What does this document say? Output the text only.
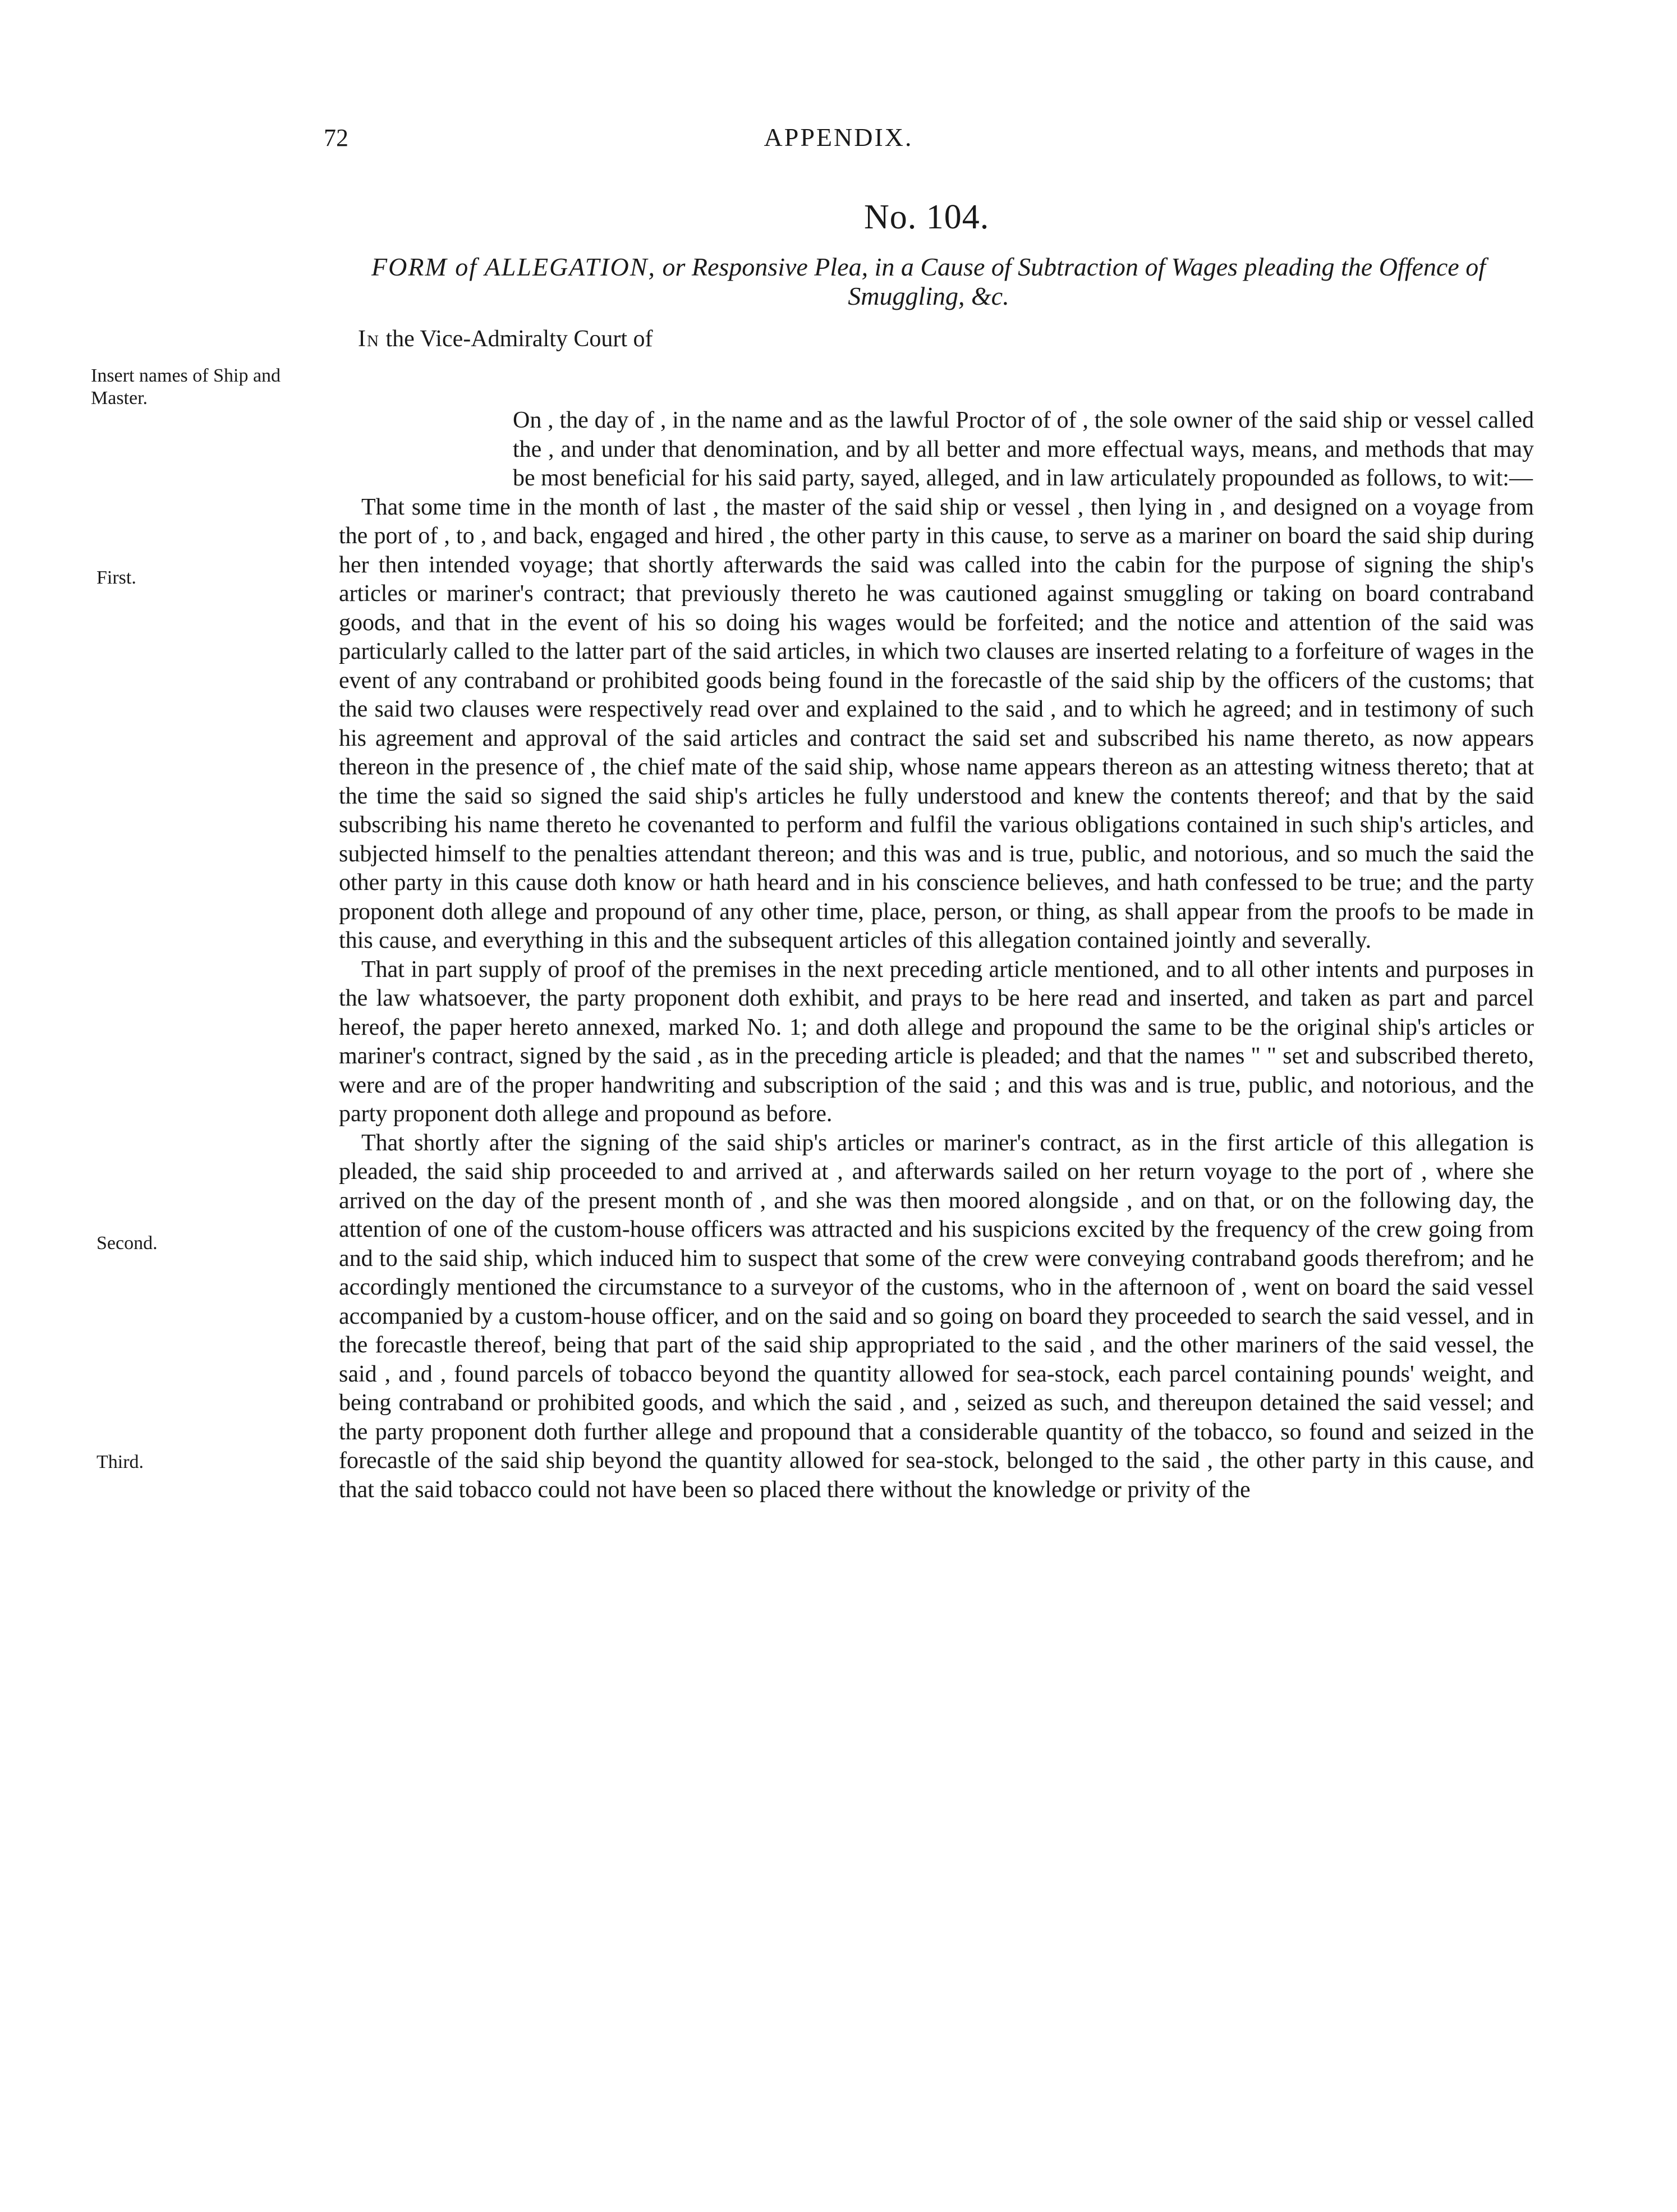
72	APPENDIX.
No. 104.
FORM of ALLEGATION, or Responsive Plea, in a Cause of Subtraction of Wages pleading the Offence of Smuggling, &c.
In the Vice-Admiralty Court of
Insert names of Ship and Master.
First.
Second.
Third.

On , the day of , in the name and as the lawful Proctor of of , the sole owner of the said ship or vessel called the , and under that denomination, and by all better and more effectual ways, means, and methods that may be most beneficial for his said party, sayed, alleged, and in law articulately propounded as follows, to wit:—

That some time in the month of last , the master of the said ship or vessel , then lying in , and designed on a voyage from the port of , to , and back, engaged and hired , the other party in this cause, to serve as a mariner on board the said ship during her then intended voyage; that shortly afterwards the said was called into the cabin for the purpose of signing the ship's articles or mariner's contract; that previously thereto he was cautioned against smuggling or taking on board contraband goods, and that in the event of his so doing his wages would be forfeited; and the notice and attention of the said was particularly called to the latter part of the said articles, in which two clauses are inserted relating to a forfeiture of wages in the event of any contraband or prohibited goods being found in the forecastle of the said ship by the officers of the customs; that the said two clauses were respectively read over and explained to the said , and to which he agreed; and in testimony of such his agreement and approval of the said articles and contract the said set and subscribed his name thereto, as now appears thereon in the presence of , the chief mate of the said ship, whose name appears thereon as an attesting witness thereto; that at the time the said so signed the said ship's articles he fully understood and knew the contents thereof; and that by the said subscribing his name thereto he covenanted to perform and fulfil the various obligations contained in such ship's articles, and subjected himself to the penalties attendant thereon; and this was and is true, public, and notorious, and so much the said the other party in this cause doth know or hath heard and in his conscience believes, and hath confessed to be true; and the party proponent doth allege and propound of any other time, place, person, or thing, as shall appear from the proofs to be made in this cause, and everything in this and the subsequent articles of this allegation contained jointly and severally.

That in part supply of proof of the premises in the next preceding article mentioned, and to all other intents and purposes in the law whatsoever, the party proponent doth exhibit, and prays to be here read and inserted, and taken as part and parcel hereof, the paper hereto annexed, marked No. 1; and doth allege and propound the same to be the original ship's articles or mariner's contract, signed by the said , as in the preceding article is pleaded; and that the names " " set and subscribed thereto, were and are of the proper handwriting and subscription of the said ; and this was and is true, public, and notorious, and the party proponent doth allege and propound as before.

That shortly after the signing of the said ship's articles or mariner's contract, as in the first article of this allegation is pleaded, the said ship proceeded to and arrived at , and afterwards sailed on her return voyage to the port of , where she arrived on the day of the present month of , and she was then moored alongside , and on that, or on the following day, the attention of one of the custom-house officers was attracted and his suspicions excited by the frequency of the crew going from and to the said ship, which induced him to suspect that some of the crew were conveying contraband goods therefrom; and he accordingly mentioned the circumstance to a surveyor of the customs, who in the afternoon of , went on board the said vessel accompanied by a custom-house officer, and on the said and so going on board they proceeded to search the said vessel, and in the forecastle thereof, being that part of the said ship appropriated to the said , and the other mariners of the said vessel, the said , and , found parcels of tobacco beyond the quantity allowed for sea-stock, each parcel containing pounds' weight, and being contraband or prohibited goods, and which the said , and , seized as such, and thereupon detained the said vessel; and the party proponent doth further allege and propound that a considerable quantity of the tobacco, so found and seized in the forecastle of the said ship beyond the quantity allowed for sea-stock, belonged to the said , the other party in this cause, and that the said tobacco could not have been so placed there without the knowledge or privity of the
